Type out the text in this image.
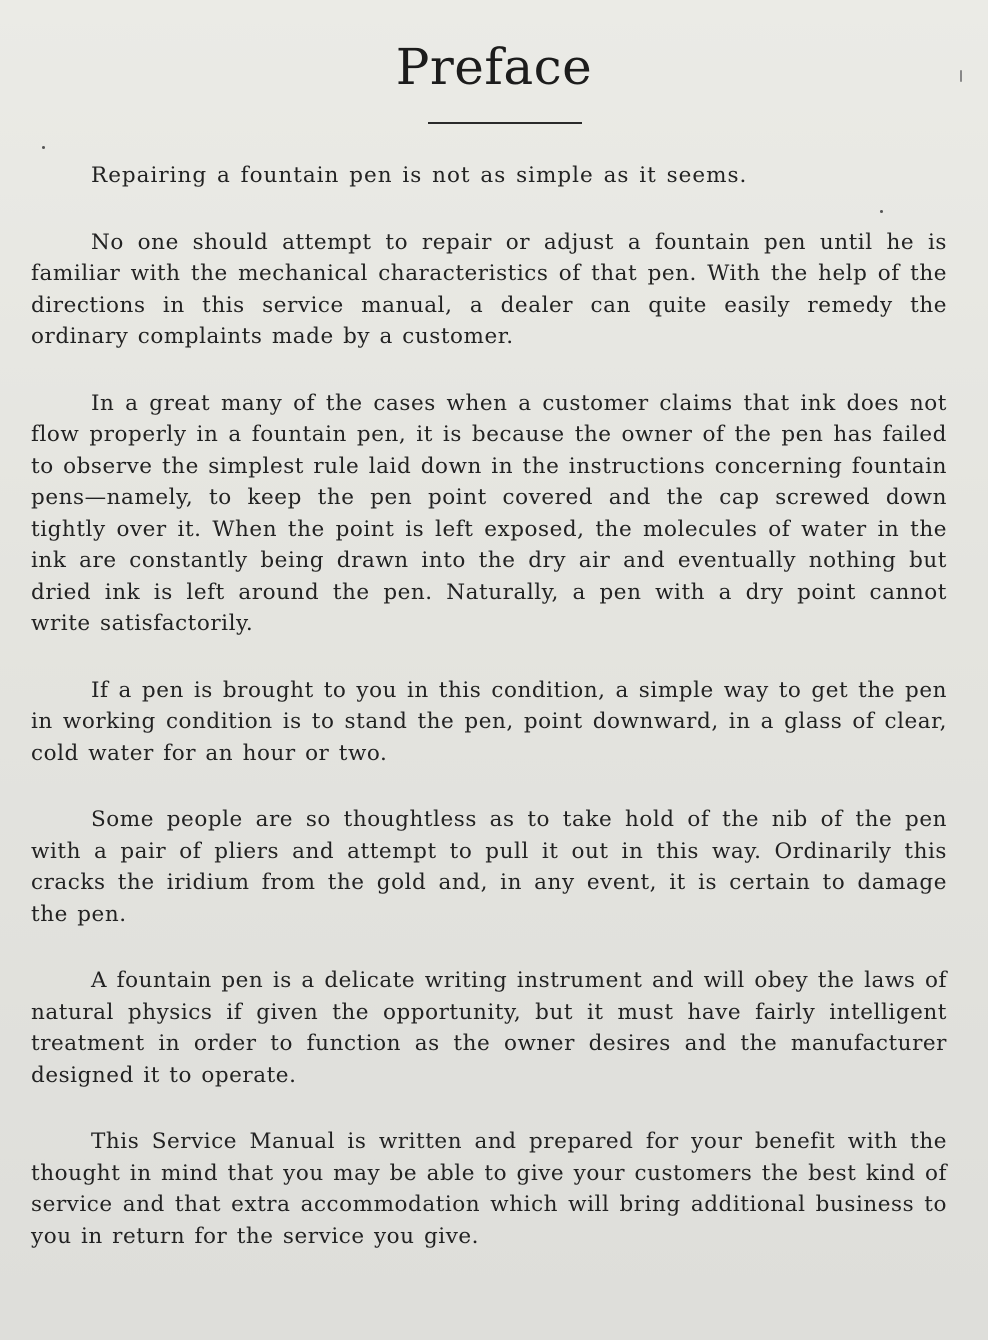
Preface

Repairing a fountain pen is not as simple as it seems.

No one should attempt to repair or adjust a fountain pen until he is familiar with the mechanical characteristics of that pen. With the help of the directions in this service manual, a dealer can quite easily remedy the ordinary complaints made by a customer.

In a great many of the cases when a customer claims that ink does not flow properly in a fountain pen, it is because the owner of the pen has failed to observe the simplest rule laid down in the instructions concerning fountain pens—namely, to keep the pen point covered and the cap screwed down tightly over it. When the point is left exposed, the molecules of water in the ink are constantly being drawn into the dry air and eventually nothing but dried ink is left around the pen. Naturally, a pen with a dry point cannot write satisfactorily.

If a pen is brought to you in this condition, a simple way to get the pen in working condition is to stand the pen, point downward, in a glass of clear, cold water for an hour or two.

Some people are so thoughtless as to take hold of the nib of the pen with a pair of pliers and attempt to pull it out in this way. Ordinarily this cracks the iridium from the gold and, in any event, it is certain to damage the pen.

A fountain pen is a delicate writing instrument and will obey the laws of natural physics if given the opportunity, but it must have fairly intelligent treatment in order to function as the owner desires and the manufacturer designed it to operate.

This Service Manual is written and prepared for your benefit with the thought in mind that you may be able to give your customers the best kind of service and that extra accommodation which will bring additional business to you in return for the service you give.
